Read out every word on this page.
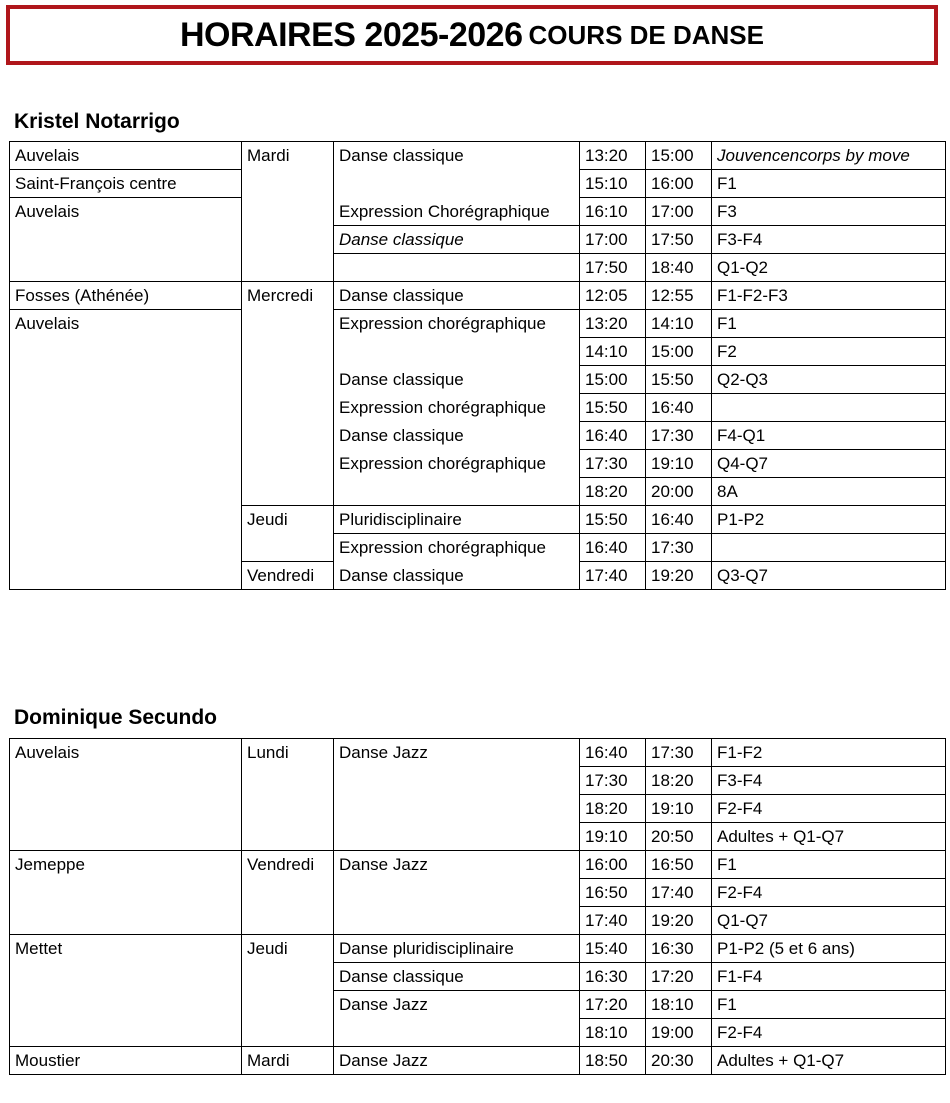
HORAIRES 2025-2026 COURS DE DANSE
Kristel Notarrigo
Auvelais	Mardi	Danse classique	13:20	15:00	Jouvencencorps by move
Saint-François centre			15:10	16:00	F1
Auvelais		Expression Chorégraphique	16:10	17:00	F3
		Danse classique	17:00	17:50	F3-F4
			17:50	18:40	Q1-Q2
Fosses (Athénée)	Mercredi	Danse classique	12:05	12:55	F1-F2-F3
Auvelais		Expression chorégraphique	13:20	14:10	F1
			14:10	15:00	F2
		Danse classique	15:00	15:50	Q2-Q3
		Expression chorégraphique	15:50	16:40	
		Danse classique	16:40	17:30	F4-Q1
		Expression chorégraphique	17:30	19:10	Q4-Q7
			18:20	20:00	8A
	Jeudi	Pluridisciplinaire	15:50	16:40	P1-P2
		Expression chorégraphique	16:40	17:30	
	Vendredi	Danse classique	17:40	19:20	Q3-Q7
Dominique Secundo
Auvelais	Lundi	Danse Jazz	16:40	17:30	F1-F2
			17:30	18:20	F3-F4
			18:20	19:10	F2-F4
			19:10	20:50	Adultes + Q1-Q7
Jemeppe	Vendredi	Danse Jazz	16:00	16:50	F1
			16:50	17:40	F2-F4
			17:40	19:20	Q1-Q7
Mettet	Jeudi	Danse pluridisciplinaire	15:40	16:30	P1-P2 (5 et 6 ans)
		Danse classique	16:30	17:20	F1-F4
		Danse Jazz	17:20	18:10	F1
			18:10	19:00	F2-F4
Moustier	Mardi	Danse Jazz	18:50	20:30	Adultes + Q1-Q7
